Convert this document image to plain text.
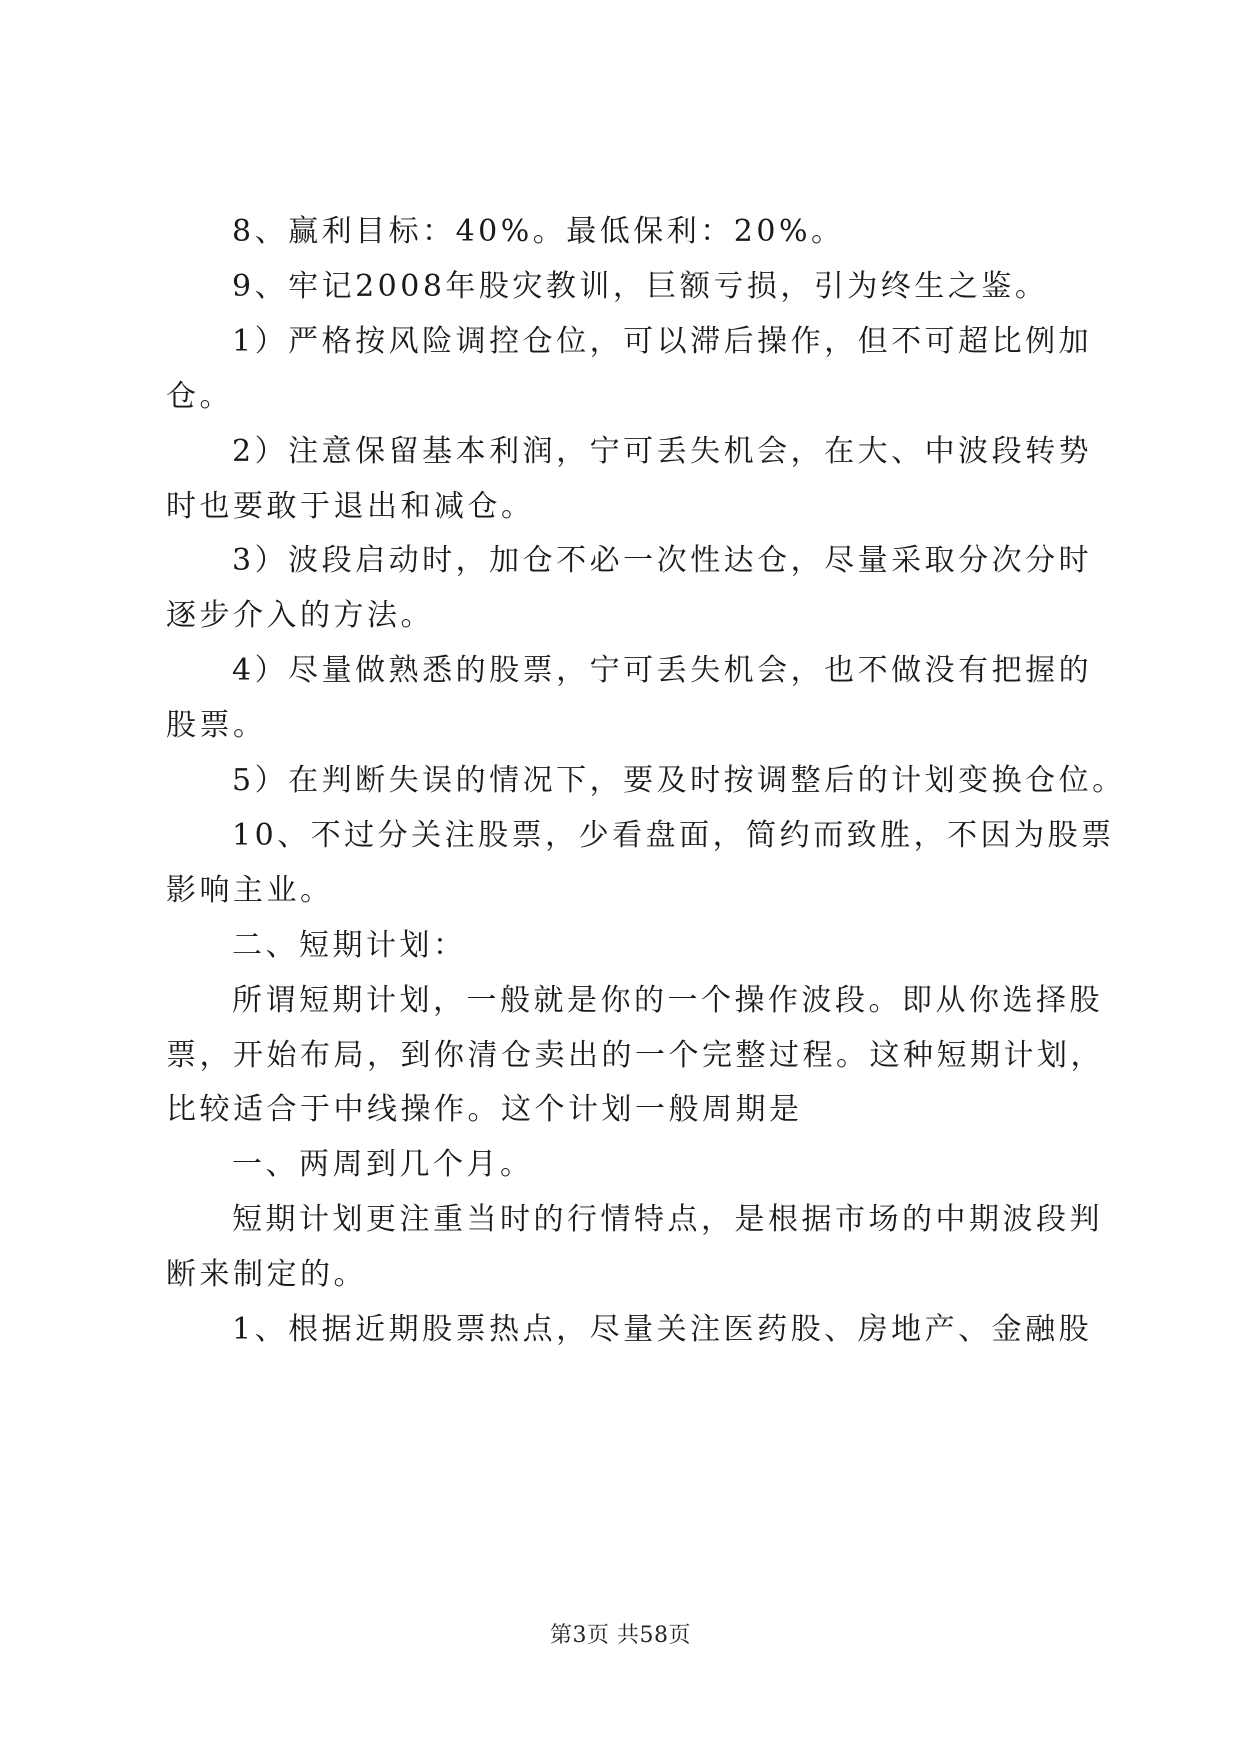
8、赢利目标：40%。最低保利：20%。
9、牢记2008年股灾教训，巨额亏损，引为终生之鉴。
1）严格按风险调控仓位，可以滞后操作，但不可超比例加
仓。
2）注意保留基本利润，宁可丢失机会，在大、中波段转势
时也要敢于退出和减仓。
3）波段启动时，加仓不必一次性达仓，尽量采取分次分时
逐步介入的方法。
4）尽量做熟悉的股票，宁可丢失机会，也不做没有把握的
股票。
5）在判断失误的情况下，要及时按调整后的计划变换仓位。
10、不过分关注股票，少看盘面，简约而致胜，不因为股票
影响主业。
二、短期计划：
所谓短期计划，一般就是你的一个操作波段。即从你选择股
票，开始布局，到你清仓卖出的一个完整过程。这种短期计划，
比较适合于中线操作。这个计划一般周期是
一、两周到几个月。
短期计划更注重当时的行情特点，是根据市场的中期波段判
断来制定的。
1、根据近期股票热点，尽量关注医药股、房地产、金融股
第3页 共58页
